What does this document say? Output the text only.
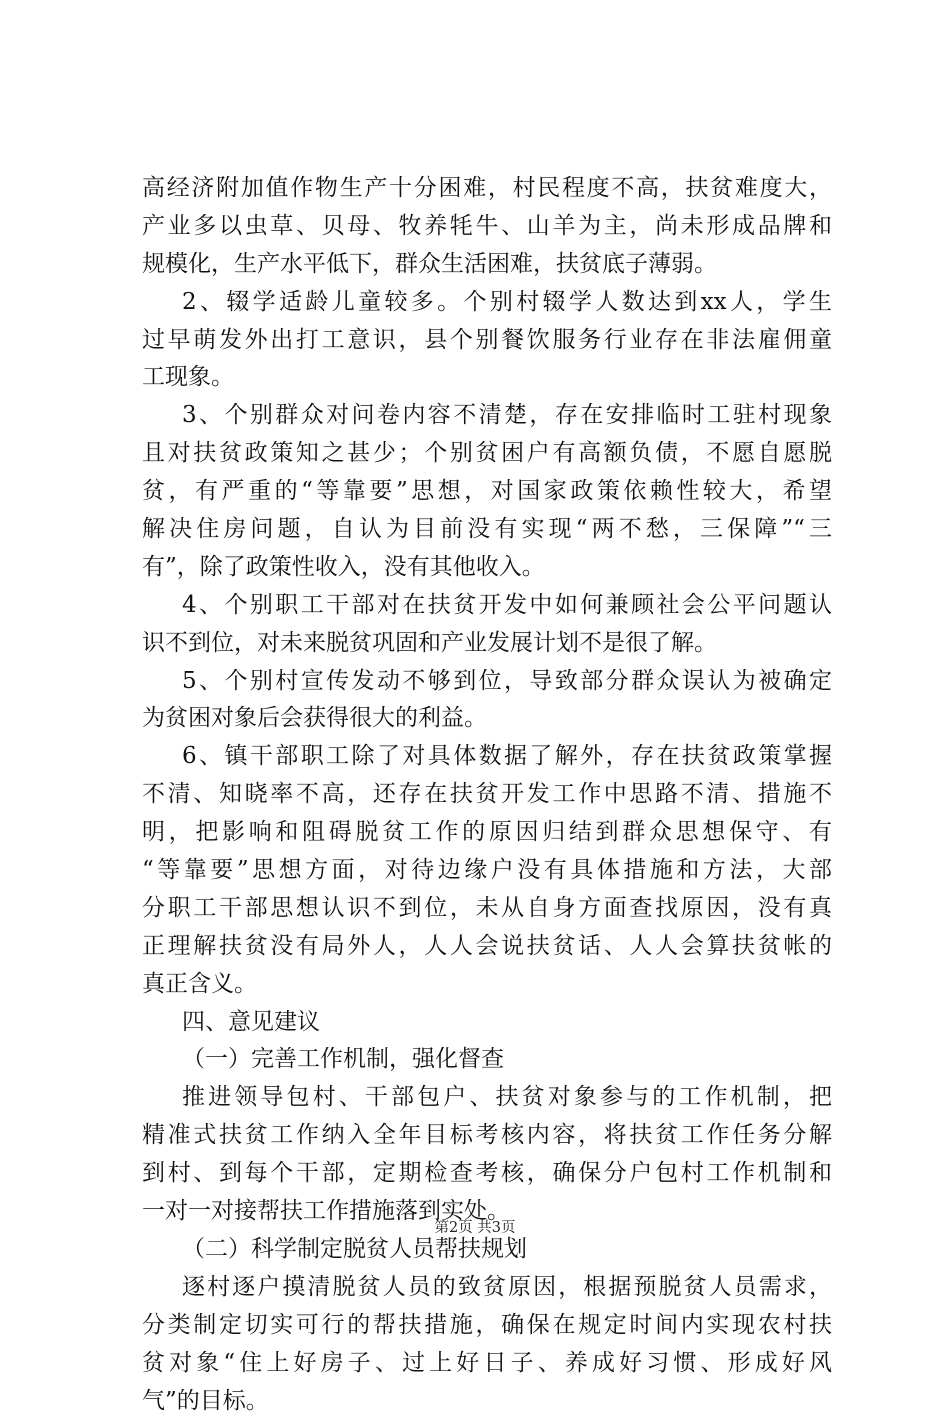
高经济附加值作物生产十分困难，村民程度不高，扶贫难度大，
产业多以虫草、贝母、牧养牦牛、山羊为主，尚未形成品牌和
规模化，生产水平低下，群众生活困难，扶贫底子薄弱。
2、辍学适龄儿童较多。个别村辍学人数达到xx人，学生
过早萌发外出打工意识，县个别餐饮服务行业存在非法雇佣童
工现象。
3、个别群众对问卷内容不清楚，存在安排临时工驻村现象
且对扶贫政策知之甚少；个别贫困户有高额负债，不愿自愿脱
贫，有严重的“等靠要”思想，对国家政策依赖性较大，希望
解决住房问题，自认为目前没有实现“两不愁，三保障”“三
有”，除了政策性收入，没有其他收入。
4、个别职工干部对在扶贫开发中如何兼顾社会公平问题认
识不到位，对未来脱贫巩固和产业发展计划不是很了解。
5、个别村宣传发动不够到位，导致部分群众误认为被确定
为贫困对象后会获得很大的利益。
6、镇干部职工除了对具体数据了解外，存在扶贫政策掌握
不清、知晓率不高，还存在扶贫开发工作中思路不清、措施不
明，把影响和阻碍脱贫工作的原因归结到群众思想保守、有
“等靠要”思想方面，对待边缘户没有具体措施和方法，大部
分职工干部思想认识不到位，未从自身方面查找原因，没有真
正理解扶贫没有局外人，人人会说扶贫话、人人会算扶贫帐的
真正含义。
四、意见建议
（一）完善工作机制，强化督查
推进领导包村、干部包户、扶贫对象参与的工作机制，把
精准式扶贫工作纳入全年目标考核内容，将扶贫工作任务分解
到村、到每个干部，定期检查考核，确保分户包村工作机制和
一对一对接帮扶工作措施落到实处。
（二）科学制定脱贫人员帮扶规划
逐村逐户摸清脱贫人员的致贫原因，根据预脱贫人员需求，
分类制定切实可行的帮扶措施，确保在规定时间内实现农村扶
贫对象“住上好房子、过上好日子、养成好习惯、形成好风
气”的目标。
第2页 共3页
